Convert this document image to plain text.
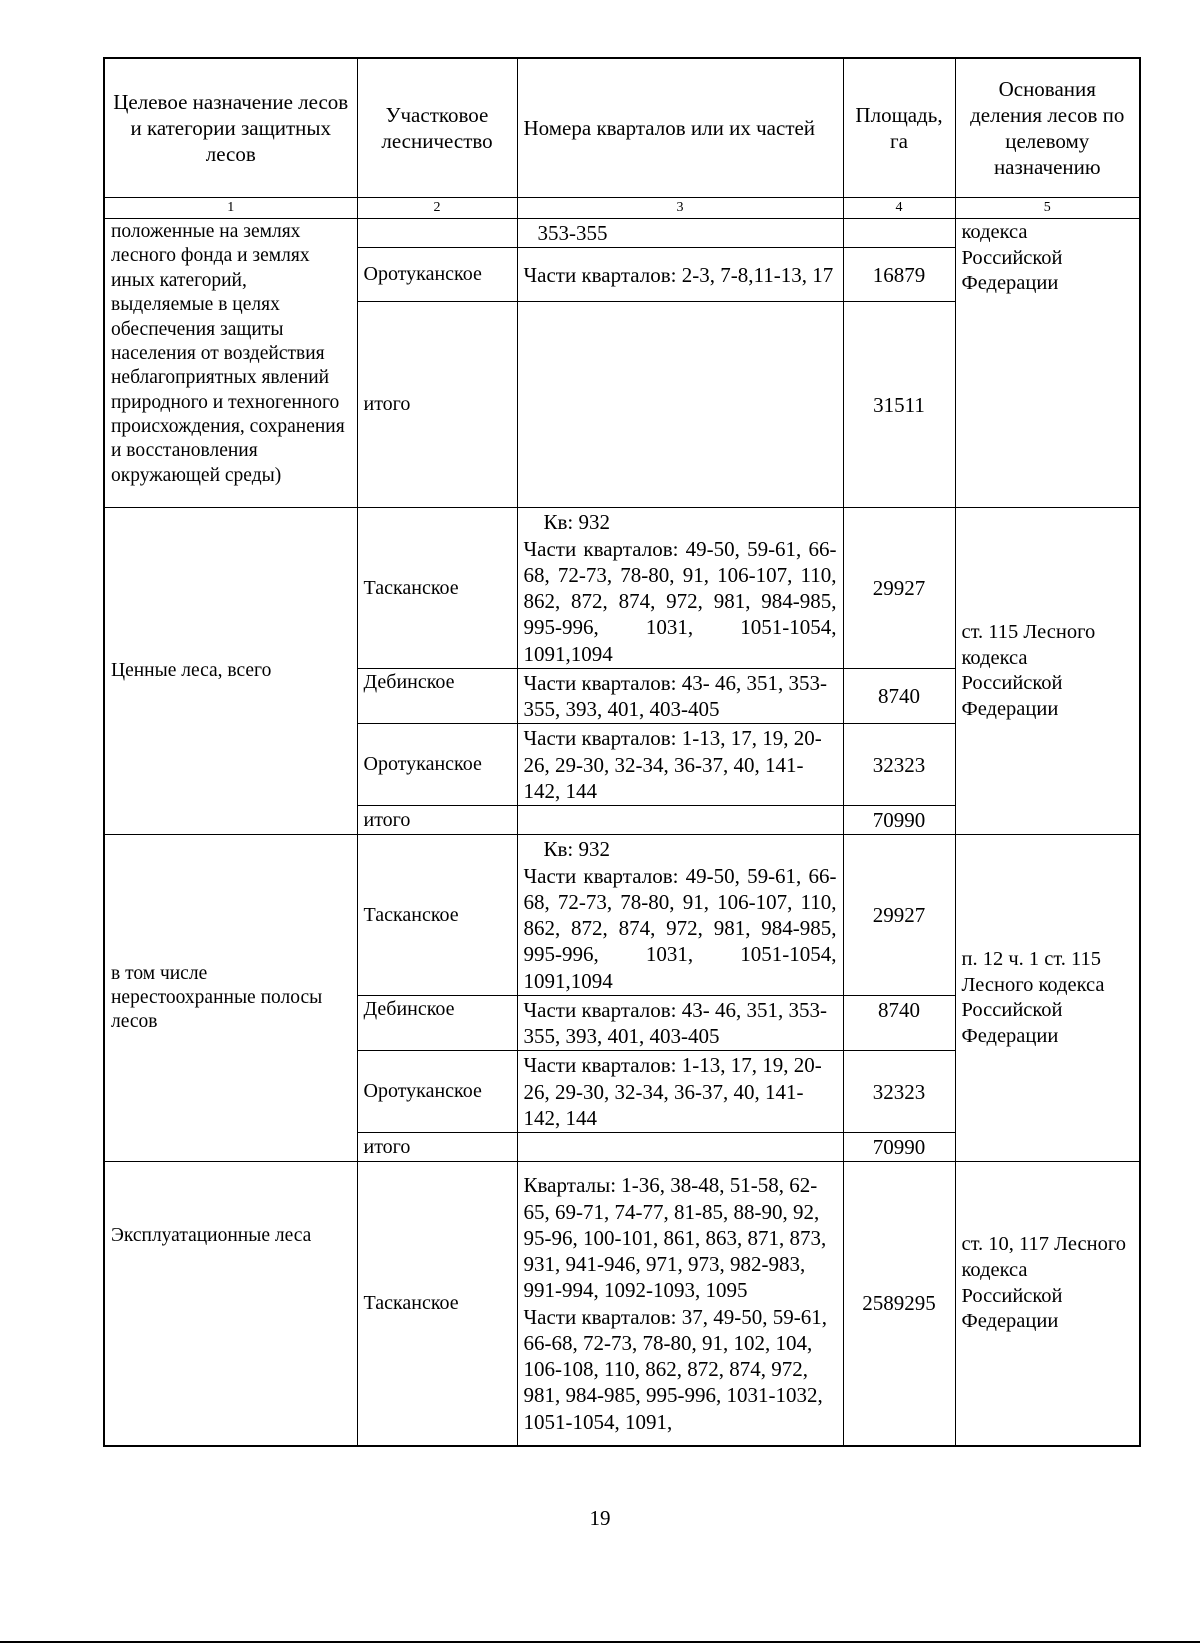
Целевое назначение лесов и категории защитных лесов	Участковое лесничество	Номера кварталов или их частей	Площадь, га	Основания деления лесов по целевому назначению
1	2	3	4	5
положенные на землях лесного фонда и землях иных категорий, выделяемые в целях обеспечения защиты населения от воздействия неблагоприятных явлений природного и техногенного происхождения, сохранения и восстановления окружающей среды)		353-355		кодекса Российской Федерации
	Оротуканское	Части кварталов: 2-3, 7-8,11-13, 17	16879	
	итого		31511	
Ценные леса, всего	Тасканское	Кв: 932
Части кварталов: 49-50, 59-61, 66-68, 72-73, 78-80, 91, 106-107, 110, 862, 872, 874, 972, 981, 984-985, 995-996, 1031, 1051-1054, 1091,1094	29927	ст. 115 Лесного кодекса Российской Федерации
	Дебинское	Части кварталов: 43- 46, 351, 353-355, 393, 401, 403-405	8740	
	Оротуканское	Части кварталов: 1-13, 17, 19, 20-26, 29-30, 32-34, 36-37, 40, 141-142, 144	32323	
	итого		70990	
в том числе нерестоохранные полосы лесов	Тасканское	Кв: 932
Части кварталов: 49-50, 59-61, 66-68, 72-73, 78-80, 91, 106-107, 110, 862, 872, 874, 972, 981, 984-985, 995-996, 1031, 1051-1054, 1091,1094	29927	п. 12 ч. 1 ст. 115 Лесного кодекса Российской Федерации
	Дебинское	Части кварталов: 43- 46, 351, 353-355, 393, 401, 403-405	8740	
	Оротуканское	Части кварталов: 1-13, 17, 19, 20-26, 29-30, 32-34, 36-37, 40, 141-142, 144	32323	
	итого		70990	

Эксплуатационные леса	Тасканское	Кварталы: 1-36, 38-48, 51-58, 62-65, 69-71, 74-77, 81-85, 88-90, 92, 95-96, 100-101, 861, 863, 871, 873, 931, 941-946, 971, 973, 982-983, 991-994, 1092-1093, 1095
Части кварталов: 37, 49-50, 59-61, 66-68, 72-73, 78-80, 91, 102, 104, 106-108, 110, 862, 872, 874, 972, 981, 984-985, 995-996, 1031-1032, 1051-1054, 1091,	2589295	ст. 10, 117 Лесного кодекса Российской Федерации
19
